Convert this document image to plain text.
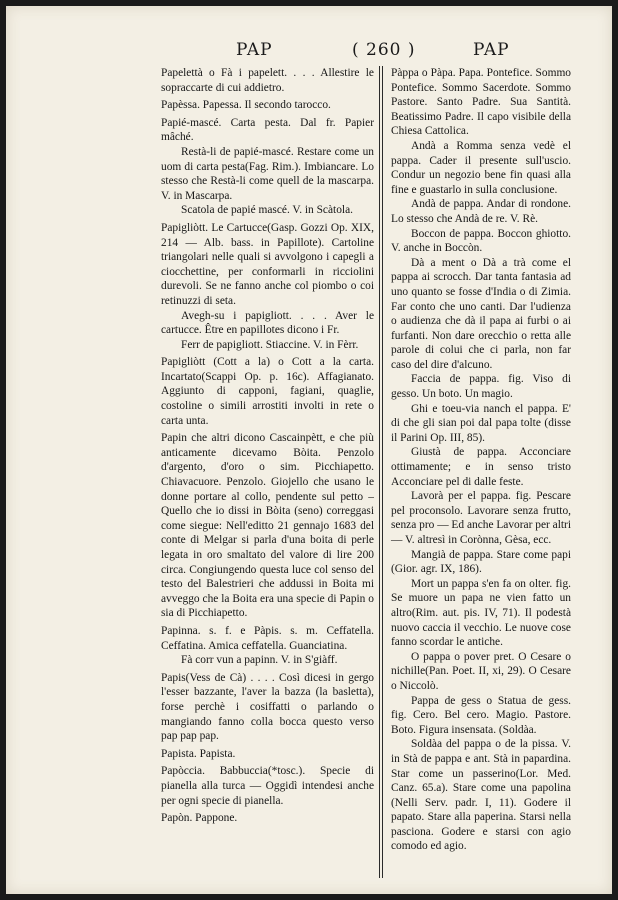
PAP	( 260 )	PAP

Papelettà o Fà i papelett. . . . Allestire le sopraccarte di cui addietro.

Papèssa. Papessa. Il secondo tarocco.

Papié-mascé. Carta pesta. Dal fr. Papier mâché.

Restà-li de papié-mascé. Restare come un uom di carta pesta(Fag. Rim.). Imbiancare. Lo stesso che Restà-li come quell de la mascarpa. V. in Mascarpa.

Scatola de papié mascé. V. in Scàtola.

Papigliòtt. Le Cartucce(Gasp. Gozzi Op. XIX, 214 — Alb. bass. in Papillote). Cartoline triangolari nelle quali si avvolgono i capegli a ciocchettine, per conformarli in ricciolini durevoli. Se ne fanno anche col piombo o coi retinuzzi di seta.

Avegh-su i papigliott. . . . Aver le cartucce. Être en papillotes dicono i Fr.

Ferr de papigliott. Stiaccine. V. in Fèrr.

Papigliòtt (Cott a la) o Cott a la carta. Incartato(Scappi Op. p. 16c). Affagianato. Aggiunto di capponi, fagiani, quaglie, costoline o simili arrostiti involti in rete o carta unta.

Papin che altri dicono Cascainpètt, e che più anticamente dicevamo Bòita. Penzolo d'argento, d'oro o sim. Picchiapetto. Chiavacuore. Penzolo. Giojello che usano le donne portare al collo, pendente sul petto – Quello che io dissi in Bòita (seno) correggasi come siegue: Nell'editto 21 gennajo 1683 del conte di Melgar si parla d'una boita di perle legata in oro smaltato del valore di lire 200 circa. Congiungendo questa luce col senso del testo del Balestrieri che addussi in Boita mi avveggo che la Boita era una specie di Papin o sia di Picchiapetto.

Papinna. s. f. e Pàpis. s. m. Ceffatella. Ceffatina. Amica ceffatella. Guanciatina.

Fà corr vun a papinn. V. in S'giàff.

Papis(Vess de Cà) . . . . Così dicesi in gergo l'esser bazzante, l'aver la bazza (la basletta), forse perchè i cosiffatti o parlando o mangiando fanno colla bocca questo verso pap pap pap.

Papista. Papista.

Papòccia. Babbuccia(*tosc.). Specie di pianella alla turca — Oggidì intendesi anche per ogni specie di pianella.

Papòn. Pappone.

Pàppa o Pàpa. Papa. Pontefice. Sommo Pontefice. Sommo Sacerdote. Sommo Pastore. Santo Padre. Sua Santità. Beatissimo Padre. Il capo visibile della Chiesa Cattolica.

Andà a Romma senza vedè el pappa. Cader il presente sull'uscio. Condur un negozio bene fin quasi alla fine e guastarlo in sulla conclusione.

Andà de pappa. Andar di rondone. Lo stesso che Andà de re. V. Rè.

Boccon de pappa. Boccon ghiotto. V. anche in Boccòn.

Dà a ment o Dà a trà come el pappa ai scrocch. Dar tanta fantasia ad uno quanto se fosse d'India o di Zimia. Far conto che uno canti. Dar l'udienza o audienza che dà il papa ai furbi o ai furfanti. Non dare orecchio o retta alle parole di colui che ci parla, non far caso del dire d'alcuno.

Faccia de pappa. fig. Viso di gesso. Un boto. Un magio.

Ghi e toeu-via nanch el pappa. E' di che gli sian poi dal papa tolte (disse il Parini Op. III, 85).

Giustà de pappa. Acconciare ottimamente; e in senso tristo Acconciare pel di dalle feste.

Lavorà per el pappa. fig. Pescare pel proconsolo. Lavorare senza frutto, senza pro — Ed anche Lavorar per altri — V. altresì in Corònna, Gèsa, ecc.

Mangià de pappa. Stare come papi (Gior. agr. IX, 186).

Mort un pappa s'en fa on olter. fig. Se muore un papa ne vien fatto un altro(Rim. aut. pis. IV, 71). Il podestà nuovo caccia il vecchio. Le nuove cose fanno scordar le antiche.

O pappa o pover pret. O Cesare o nichille(Pan. Poet. II, xi, 29). O Cesare o Niccolò.

Pappa de gess o Statua de gess. fig. Cero. Bel cero. Magio. Pastore. Boto. Figura insensata. (Soldàa.

Soldàa del pappa o de la pissa. V. in Stà de pappa e ant. Stà in papardina. Star come un passerino(Lor. Med. Canz. 65.a). Stare come una papolina (Nelli Serv. padr. I, 11). Godere il papato. Stare alla paperina. Starsi nella pasciona. Godere e starsi con agio comodo ed agio.
